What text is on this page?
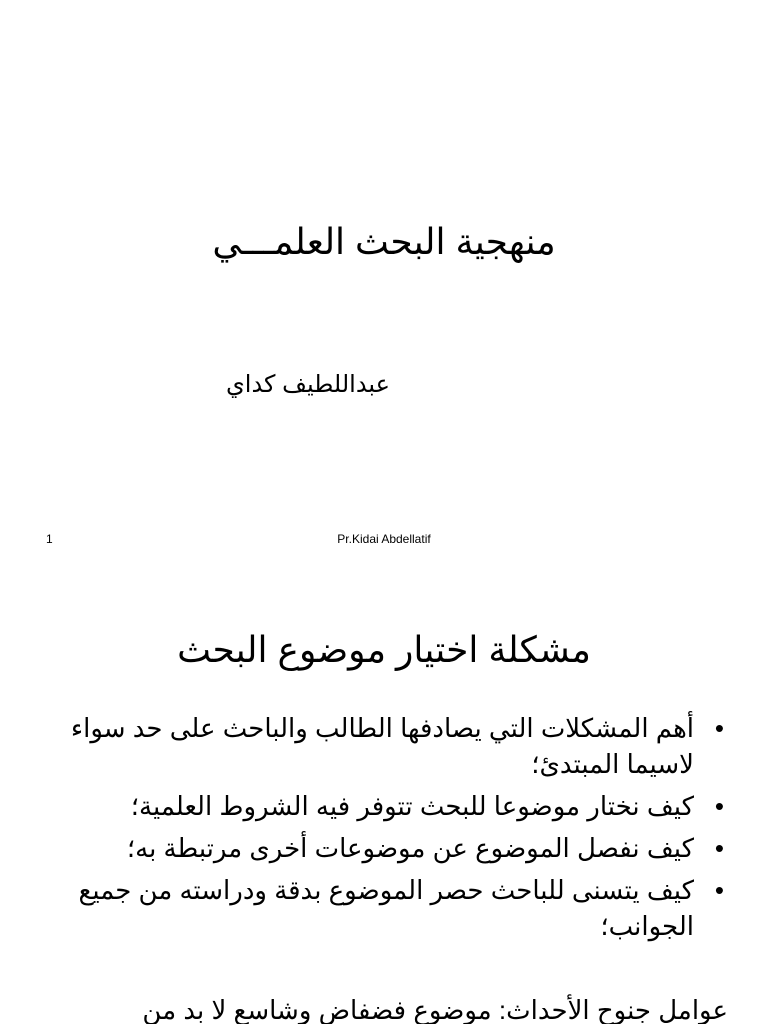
منهجية البحث العلمـــي
عبداللطيف كداي
1	Pr.Kidai Abdellatif
مشكلة اختيار موضوع البحث
•
أهم المشكلات التي يصادفها الطالب والباحث على حد سواء لاسيما المبتدئ؛
•
كيف نختار موضوعا للبحث تتوفر فيه الشروط العلمية؛
•
كيف نفصل الموضوع عن موضوعات أخرى مرتبطة به؛
•
كيف يتسنى للباحث حصر الموضوع بدقة ودراسته من جميع الجوانب؛
عوامل جنوح الأحداث: موضوع فضفاض وشاسع لا بد من
